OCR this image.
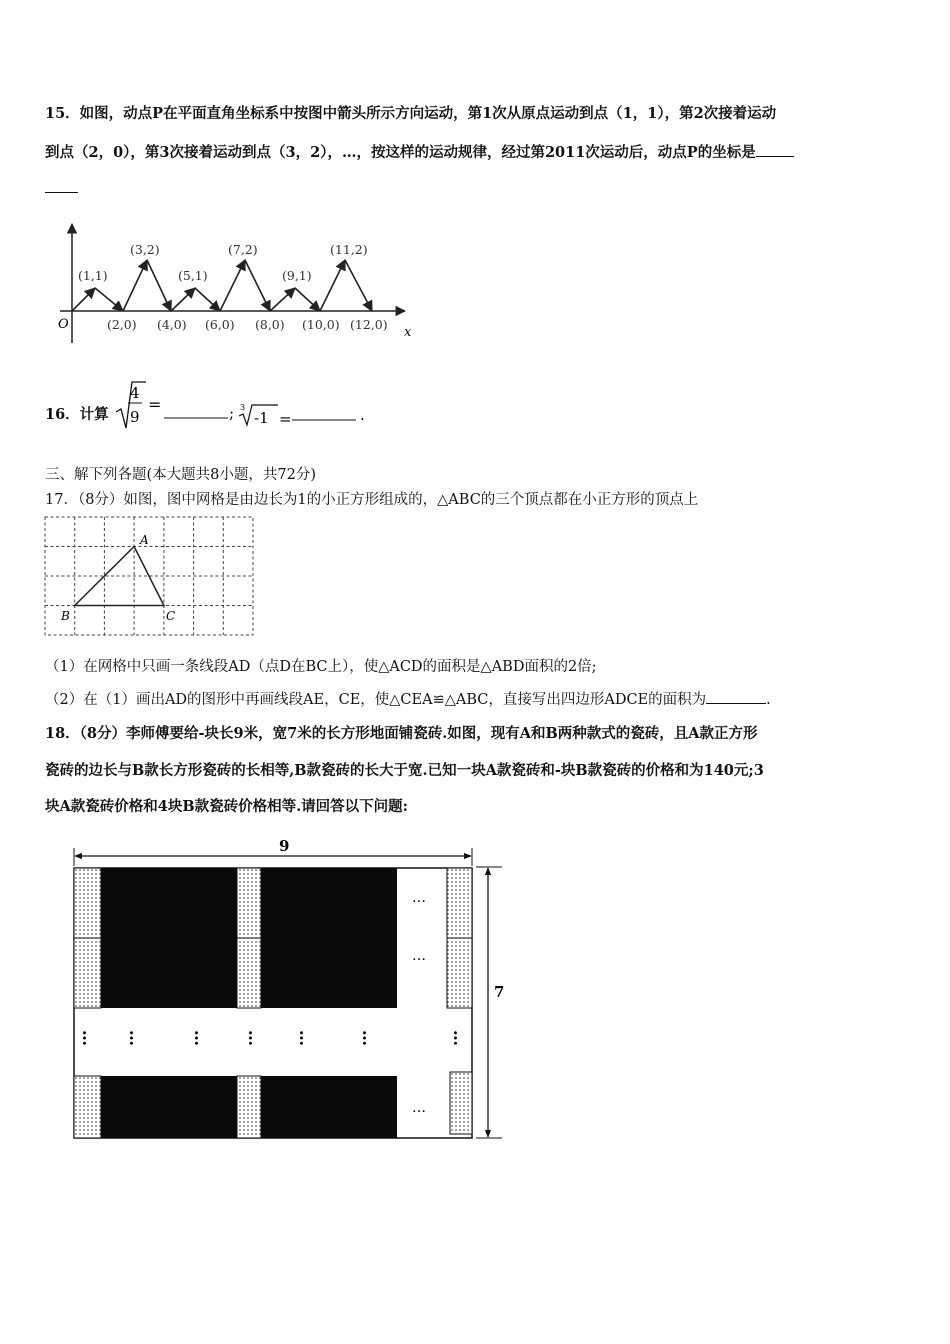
15．如图，动点P在平面直角坐标系中按图中箭头所示方向运动，第1次从原点运动到点（1，1），第2次接着运动
到点（2，0），第3次接着运动到点（3，2），…，按这样的运动规律，经过第2011次运动后，动点P的坐标是
O
x
(1,1)
(3,2)
(5,1)
(7,2)
(9,1)
(11,2)
(2,0) (4,0) (6,0) (8,0) (10,0) (12,0)
16．计算
4
9
=	; 3
-1 =	.
三、解下列各题(本大题共8小题，共72分)
17．（8分）如图，图中网格是由边长为1的小正方形组成的，△ABC的三个顶点都在小正方形的顶点上
A
B	C
（1）在网格中只画一条线段AD（点D在BC上），使△ACD的面积是△ABD面积的2倍;
（2）在（1）画出AD的图形中再画线段AE，CE，使△CEA≌△ABC，直接写出四边形ADCE的面积为	.
18．（8分）李师傅要给-块长9米，宽7米的长方形地面铺瓷砖.如图，现有A和B两种款式的瓷砖，且A款正方形
瓷砖的边长与B款长方形瓷砖的长相等,B款瓷砖的长大于宽.已知一块A款瓷砖和-块B款瓷砖的价格和为140元;3
块A款瓷砖价格和4块B款瓷砖价格相等.请回答以下问题:
9
7
…
…
… …	… … …	…	…
…
